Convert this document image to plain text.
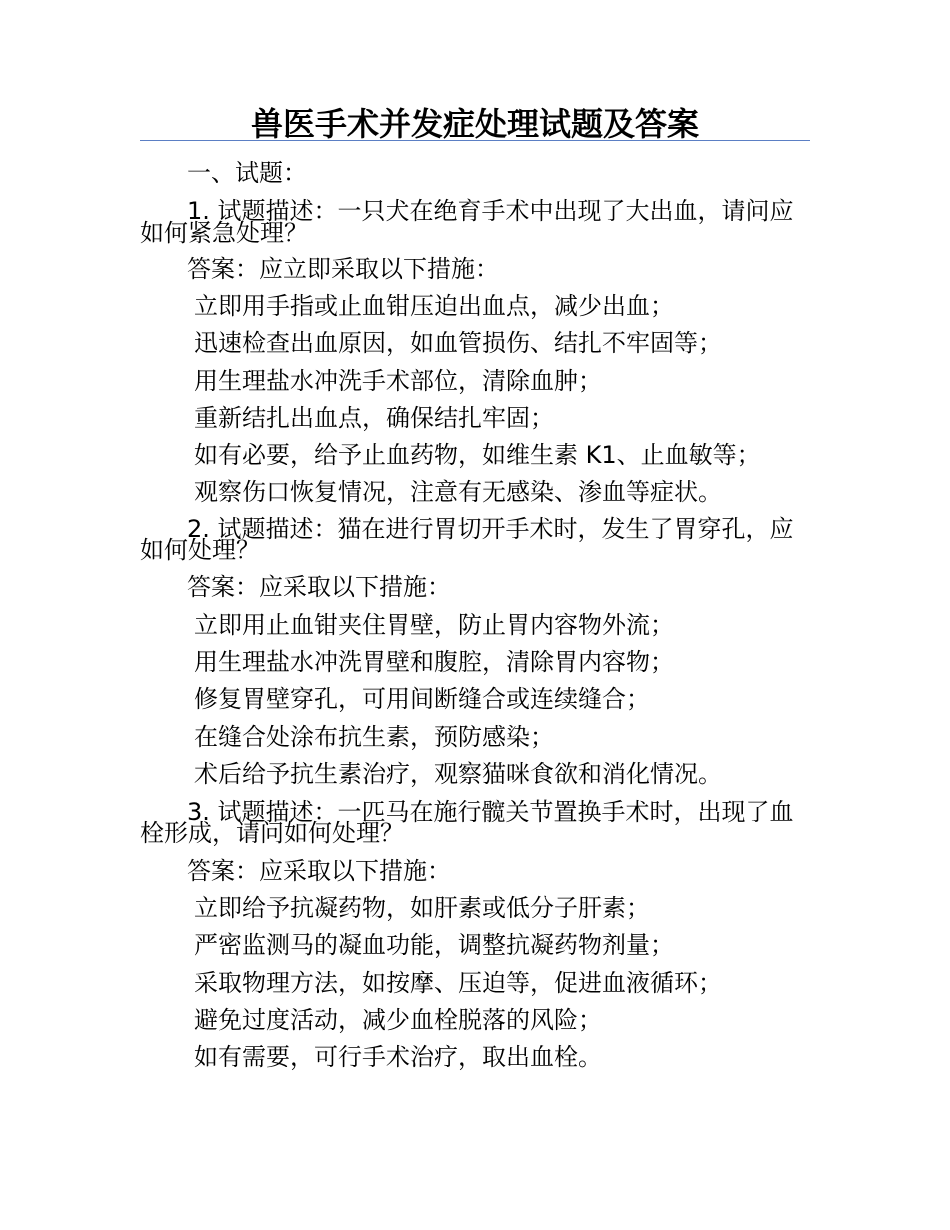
兽医手术并发症处理试题及答案
一、试题：
1. 试题描述：一只犬在绝育手术中出现了大出血，请问应
如何紧急处理？
答案：应立即采取以下措施：
立即用手指或止血钳压迫出血点，减少出血；
迅速检查出血原因，如血管损伤、结扎不牢固等；
用生理盐水冲洗手术部位，清除血肿；
重新结扎出血点，确保结扎牢固；
如有必要，给予止血药物，如维生素 K1、止血敏等；
观察伤口恢复情况，注意有无感染、渗血等症状。
2. 试题描述：猫在进行胃切开手术时，发生了胃穿孔，应
如何处理？
答案：应采取以下措施：
立即用止血钳夹住胃壁，防止胃内容物外流；
用生理盐水冲洗胃壁和腹腔，清除胃内容物；
修复胃壁穿孔，可用间断缝合或连续缝合；
在缝合处涂布抗生素，预防感染；
术后给予抗生素治疗，观察猫咪食欲和消化情况。
3. 试题描述：一匹马在施行髋关节置换手术时，出现了血
栓形成，请问如何处理？
答案：应采取以下措施：
立即给予抗凝药物，如肝素或低分子肝素；
严密监测马的凝血功能，调整抗凝药物剂量；
采取物理方法，如按摩、压迫等，促进血液循环；
避免过度活动，减少血栓脱落的风险；
如有需要，可行手术治疗，取出血栓。
